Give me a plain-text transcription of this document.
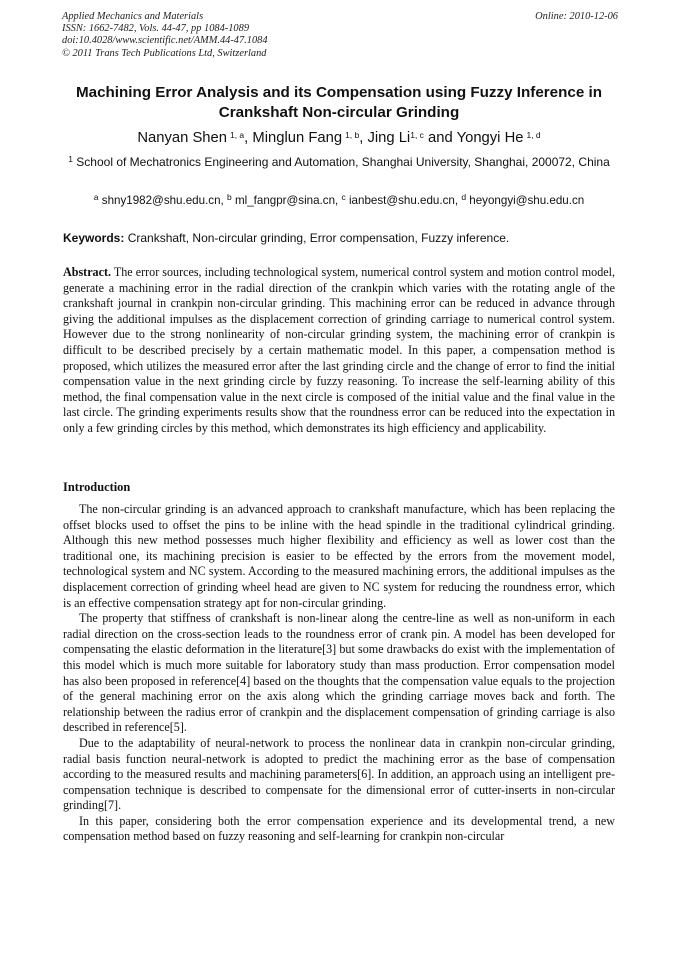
Applied Mechanics and Materials
ISSN: 1662-7482, Vols. 44-47, pp 1084-1089
doi:10.4028/www.scientific.net/AMM.44-47.1084
© 2011 Trans Tech Publications Ltd, Switzerland
Online: 2010-12-06
Machining Error Analysis and its Compensation using Fuzzy Inference in Crankshaft Non-circular Grinding
Nanyan Shen  $^{1, a}$, Minglun Fang  $^{1, b}$, Jing Li$^{1, c}$ and Yongyi He  $^{1, d}$
$^1$ School of Mechatronics Engineering and Automation, Shanghai University, Shanghai, 200072, China
$^a$ shny1982@shu.edu.cn, $^b$ ml_fangpr@sina.cn, $^c$ ianbest@shu.edu.cn, $^d$ heyongyi@shu.edu.cn
Keywords: Crankshaft, Non-circular grinding, Error compensation, Fuzzy inference.

Abstract. The error sources, including technological system, numerical control system and motion control model, generate a machining error in the radial direction of the crankpin which varies with the rotating angle of the crankshaft journal in crankpin non-circular grinding. This machining error can be reduced in advance through giving the additional impulses as the displacement correction of grinding carriage to numerical control system. However due to the strong nonlinearity of non-circular grinding system, the machining error of crankpin is difficult to be described precisely by a certain mathematic model. In this paper, a compensation method is proposed, which utilizes the measured error after the last grinding circle and the change of error to find the initial compensation value in the next grinding circle by fuzzy reasoning. To increase the self-learning ability of this method, the final compensation value in the next circle is composed of the initial value and the final value in the last circle. The grinding experiments results show that the roundness error can be reduced into the expectation in only a few grinding circles by this method, which demonstrates its high efficiency and applicability.

Introduction

The non-circular grinding is an advanced approach to crankshaft manufacture, which has been replacing the offset blocks used to offset the pins to be inline with the head spindle in the traditional cylindrical grinding. Although this new method possesses much higher flexibility and efficiency as well as lower cost than the traditional one, its machining precision is easier to be effected by the errors from the movement model, technological system and NC system. According to the measured machining errors, the additional impulses as the displacement correction of grinding wheel head are given to NC system for reducing the roundness error, which is an effective compensation strategy apt for non-circular grinding.

The property that stiffness of crankshaft is non-linear along the centre-line as well as non-uniform in each radial direction on the cross-section leads to the roundness error of crank pin. A model has been developed for compensating the elastic deformation in the literature[3] but some drawbacks do exist with the implementation of this model which is much more suitable for laboratory study than mass production. Error compensation model has also been proposed in reference[4] based on the thoughts that the compensation value equals to the projection of the general machining error on the axis along which the grinding carriage moves back and forth. The relationship between the radius error of crankpin and the displacement compensation of grinding carriage is also described in reference[5].

Due to the adaptability of neural-network to process the nonlinear data in crankpin non-circular grinding, radial basis function neural-network is adopted to predict the machining error as the base of compensation according to the measured results and machining parameters[6]. In addition, an approach using an intelligent pre-compensation technique is described to compensate for the dimensional error of cutter-inserts in non-circular grinding[7].

In this paper, considering both the error compensation experience and its developmental trend, a new compensation method based on fuzzy reasoning and self-learning for crankpin non-circular
